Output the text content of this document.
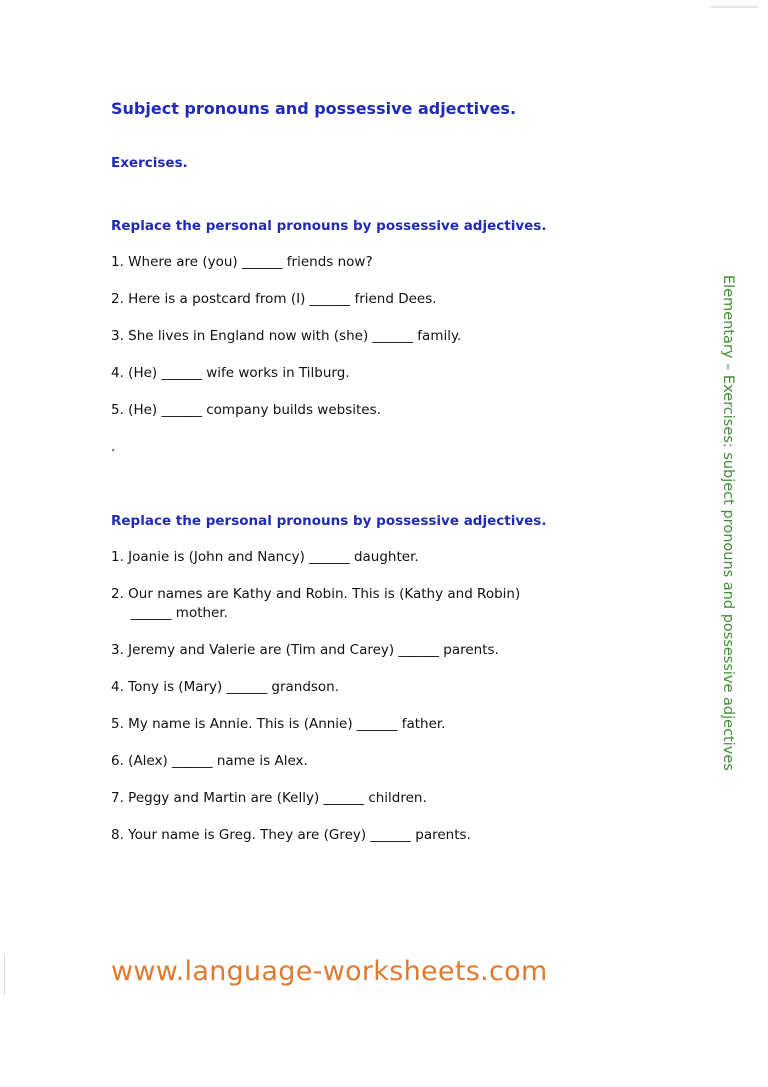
Subject pronouns and possessive adjectives.

Exercises.

Replace the personal pronouns by possessive adjectives.

1. Where are (you) ______ friends now?
2. Here is a postcard from (I) ______ friend Dees.
3. She lives in England now with (she) ______ family.
4. (He) ______ wife works in Tilburg.
5. (He) ______ company builds websites.
.

Replace the personal pronouns by possessive adjectives.

1. Joanie is (John and Nancy) ______ daughter.
2. Our names are Kathy and Robin. This is (Kathy and Robin)
______ mother.
3. Jeremy and Valerie are (Tim and Carey) ______ parents.
4. Tony is (Mary) ______ grandson.
5. My name is Annie. This is (Annie) ______ father.
6. (Alex) ______ name is Alex.
7. Peggy and Martin are (Kelly) ______ children.
8. Your name is Greg. They are (Grey) ______ parents.
Elementary – Exercises: subject pronouns and possessive adjectives

www.language-worksheets.com
